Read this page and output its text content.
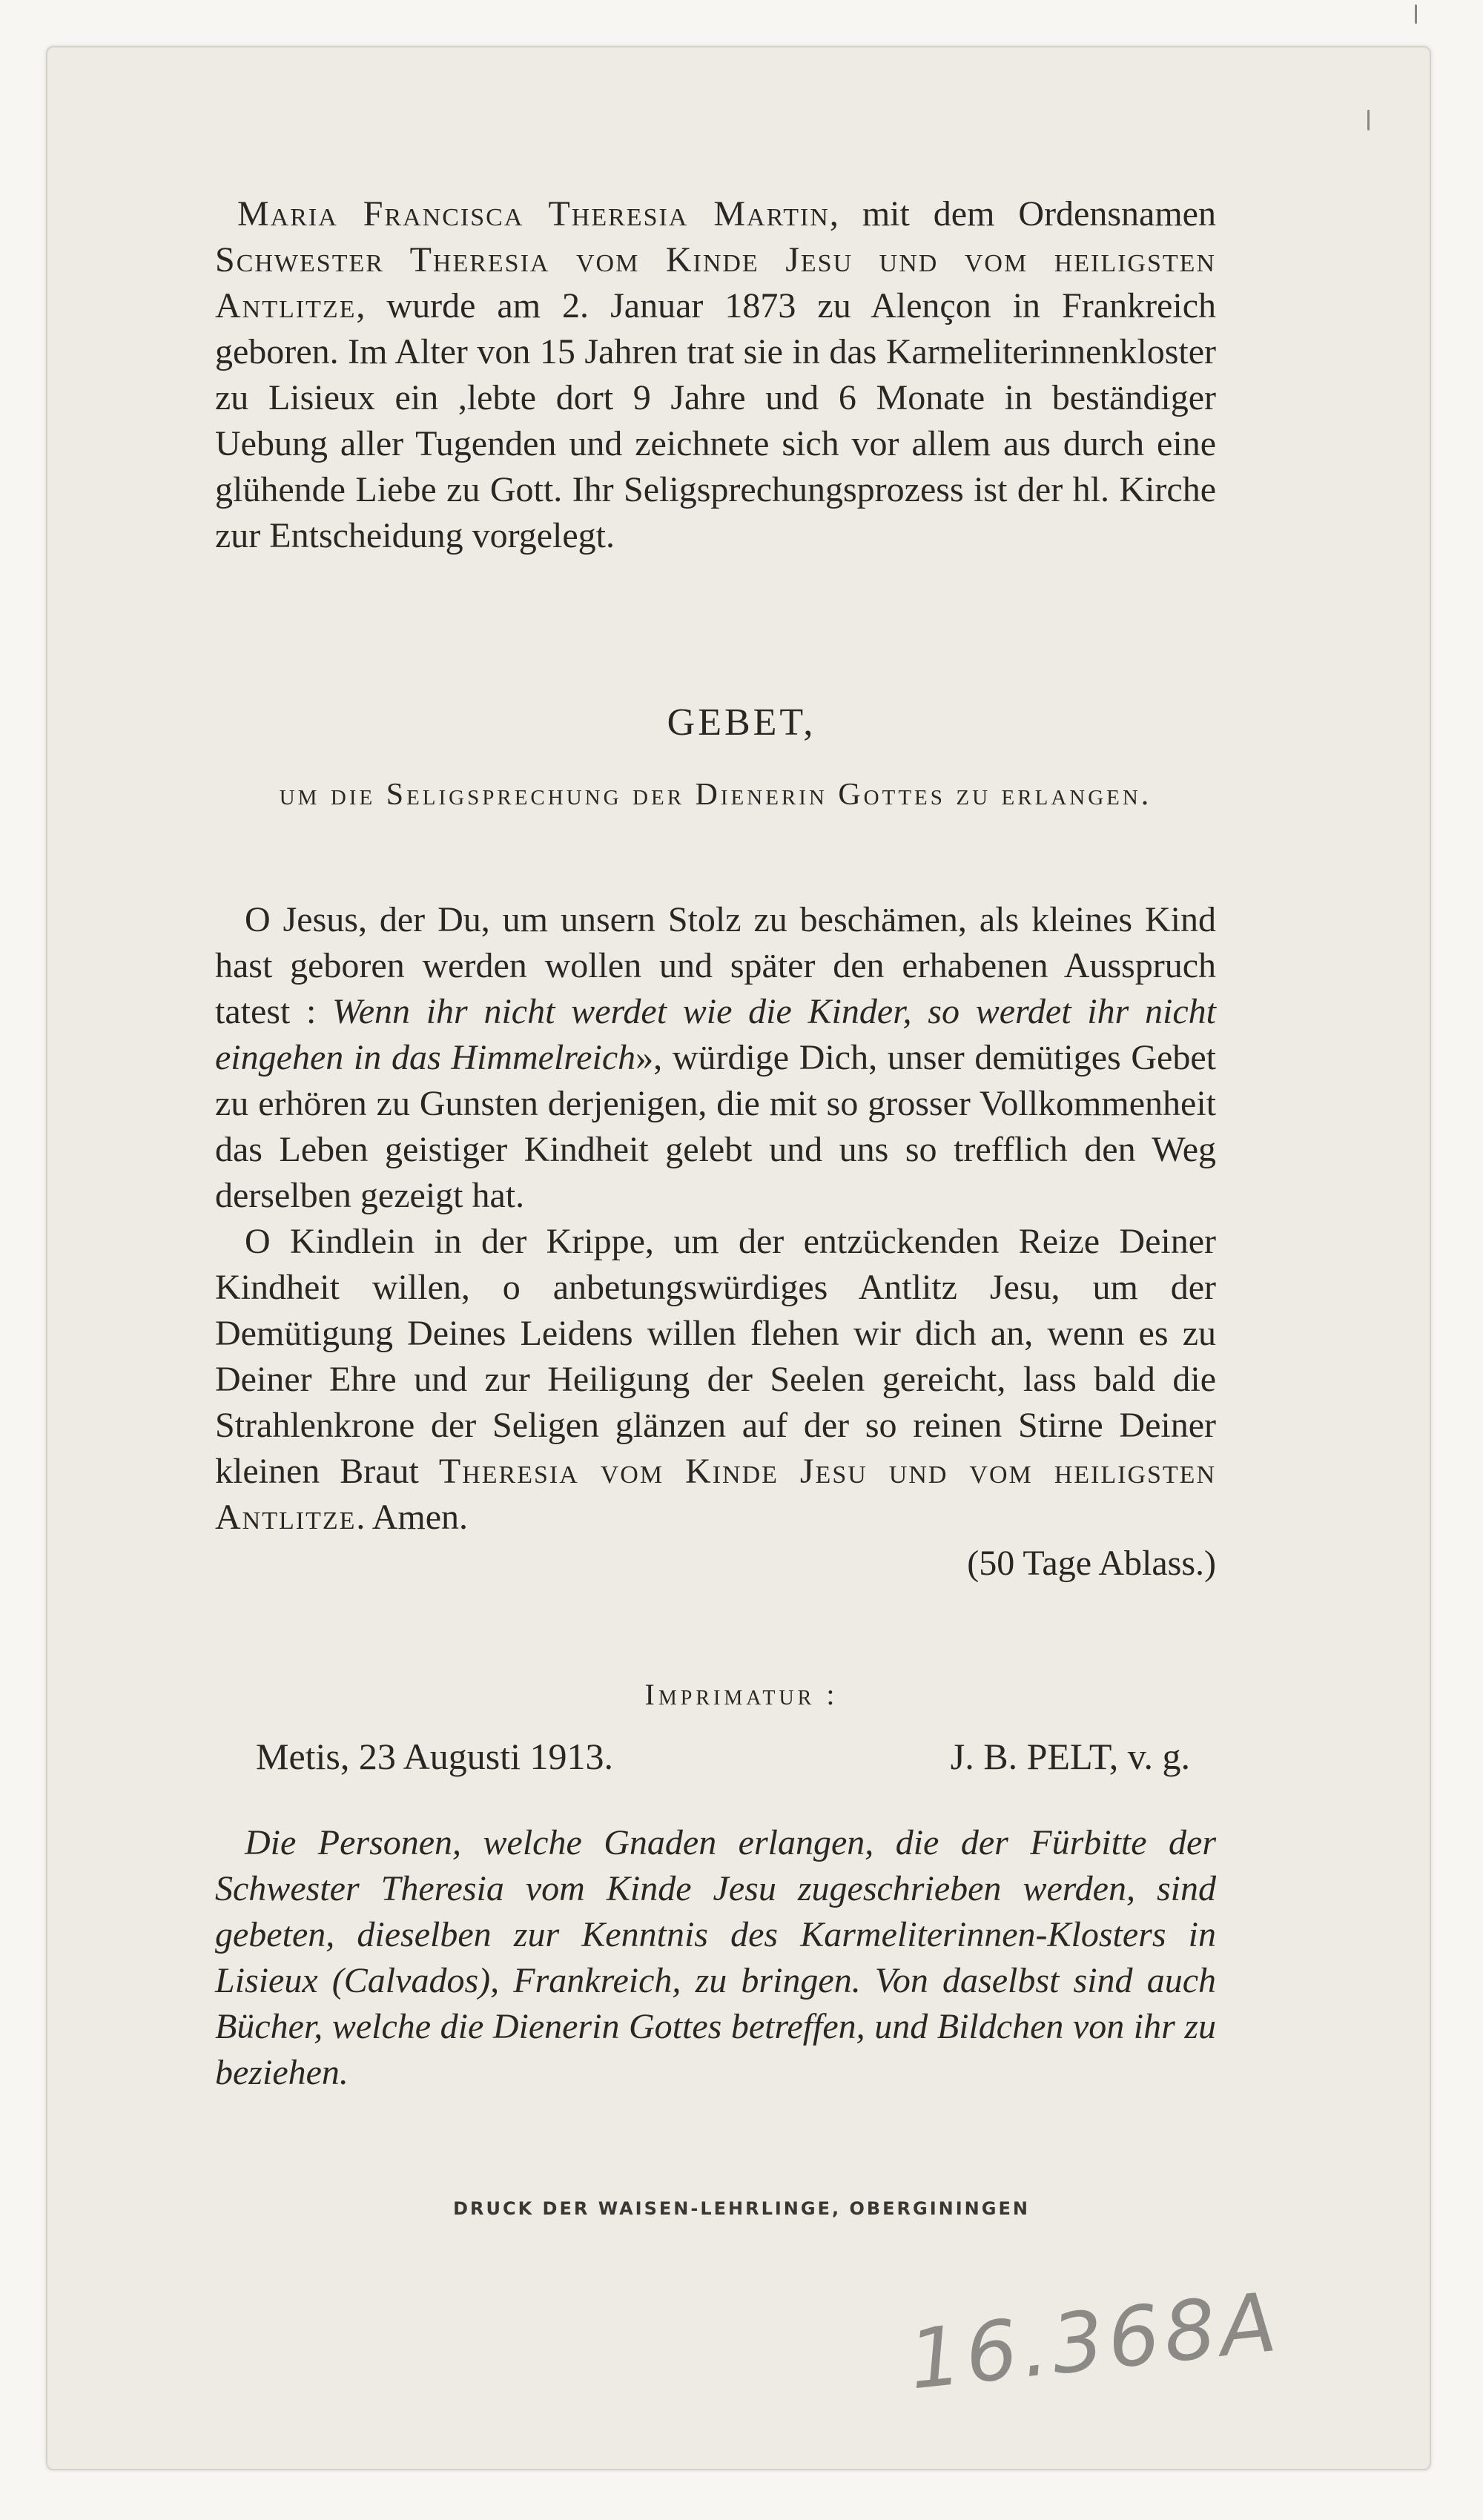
Maria Francisca Theresia Martin, mit dem Ordensnamen Schwester Theresia vom Kinde Jesu und vom heiligsten Antlitze, wurde am 2. Januar 1873 zu Alençon in Frankreich geboren. Im Alter von 15 Jahren trat sie in das Karmeliterinnenkloster zu Lisieux ein ,lebte dort 9 Jahre und 6 Monate in beständiger Uebung aller Tugenden und zeichnete sich vor allem aus durch eine glühende Liebe zu Gott. Ihr Seligsprechungsprozess ist der hl. Kirche zur Entscheidung vorgelegt.
GEBET,
um die Seligsprechung der Dienerin Gottes zu erlangen.

O Jesus, der Du, um unsern Stolz zu beschämen, als kleines Kind hast geboren werden wollen und später den erhabenen Ausspruch tatest : Wenn ihr nicht werdet wie die Kinder, so werdet ihr nicht eingehen in das Himmelreich», würdige Dich, unser demütiges Gebet zu erhören zu Gunsten derjenigen, die mit so grosser Vollkommenheit das Leben geistiger Kindheit gelebt und uns so trefflich den Weg derselben gezeigt hat.

O Kindlein in der Krippe, um der entzückenden Reize Deiner Kindheit willen, o anbetungswürdiges Antlitz Jesu, um der Demütigung Deines Leidens willen flehen wir dich an, wenn es zu Deiner Ehre und zur Heiligung der Seelen gereicht, lass bald die Strahlenkrone der Seligen glänzen auf der so reinen Stirne Deiner kleinen Braut Theresia vom Kinde Jesu und vom heiligsten Antlitze. Amen.

(50 Tage Ablass.)
Imprimatur :
Metis, 23 Augusti 1913.	J. B. PELT, v. g.
Die Personen, welche Gnaden erlangen, die der Fürbitte der Schwester Theresia vom Kinde Jesu zugeschrieben werden, sind gebeten, dieselben zur Kenntnis des Karmeliterinnen-Klosters in Lisieux (Calvados), Frankreich, zu bringen. Von daselbst sind auch Bücher, welche die Dienerin Gottes betreffen, und Bildchen von ihr zu beziehen.
DRUCK DER WAISEN-LEHRLINGE, OBERGININGEN
16.368A
